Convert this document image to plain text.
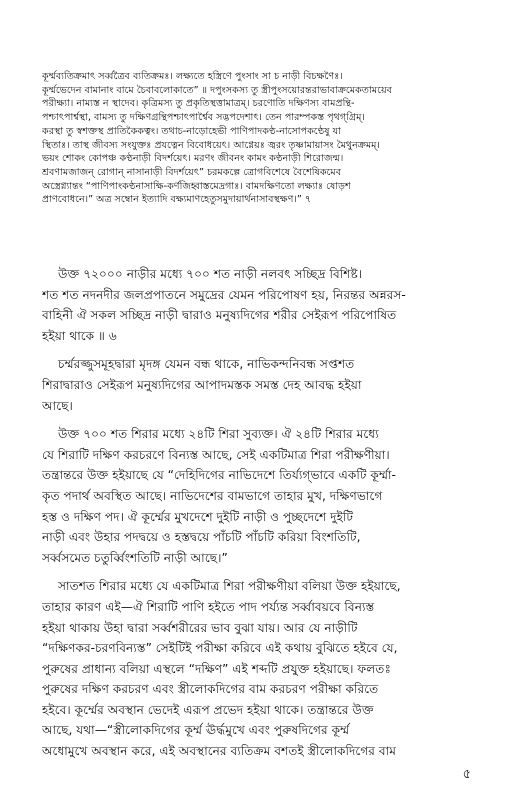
কূর্ম্মব্যতিক্রমাৎ সর্ব্বত্রৈব ব্যতিক্রমঃ। লক্ষ্যতে হস্ত্ৰিণে পুংসাং সা চ নাড়ী বিচক্ষণৈঃ।
কূর্ম্মভেদেন বামানাং বামে চৈবাবলোকাতে” ॥ দপুংসকস্য তু স্ত্রীপুংসয়োরন্তরাভাবাক্রমেকতাময়েব
পরীক্ষ্যা। নাম্যস্ত ন স্থাদেব। কৃত্রিমস্য তু প্রকৃতিস্থত্তামাত্রম্‌। চরণোতি দক্ষিণস্য বামপ্রন্থি-
পশ্চাৎপার্শ্বস্থা, বামস্য তু দক্ষিণগ্রন্থিপশ্চাৎপার্শ্বৈব সদ্ভপদেশাৎ। তেন পারম্পকস্ত পৃথগ্‌গ্রিম্‌।
করস্থা তু স্বশক্তস্থ প্রাতিকৈকত্বং। তথাচ-নাড়োহেভী পাণিপাদকণ্ঠ-নাসোপকণ্ঠেষু যা
স্থিতাঃ। তাস্থ জীবস্য সংযুক্তঃ প্রযত্নেন বিবোধয়েৎ। আগ্নেয়ঃ জ্বরং তৃষ্ণামায়াসং মৈথুনক্রমম্‌।
ভয়ং শোকং কোপঞ্চ কণ্ঠনাড়ী বিদর্শয়েৎ। মরণং জীবনং কামং কণ্ঠনাড়ী শিরোজন্ম।
শ্রবণামজাজন্‌ রোগান্‌ নাসানাড়ী বিদর্শয়েৎ” চরমকল্পে ত্রোগবিশেষে বৈশেষিকমেব
অস্ত্রেগ্ন্যান্তং “পাণিপাংকণ্ঠনাসাক্ষি-কর্ণজিহ্বাস্তমেদ্রগাঃ। বামদক্ষিণতো লক্ষ্যাঃ ষোড়শ
প্রাণবোধনে।” অত্র সম্বোন ইত্যাদি বক্ষ্যমাণহেতুসমুদায়ার্থনাসাবস্থক্ষণ।” ৭
উক্ত ৭২০০০ নাড়ীর মধ্যে ৭০০ শত নাড়ী নলবৎ সচ্ছিদ্র বিশিষ্ট।
শত শত নদনদীর জলপ্রপাতনে সমুদ্রের যেমন পরিপোষণ হয়, নিরন্তর অন্নরস-
বাহিনী ঐ সকল সচ্ছিদ্র নাড়ী দ্বারাও মনুষ্যদিগের শরীর সেইরূপ পরিপোষিত
হইয়া থাকে ॥ ৬
চর্ম্মরজ্জুসমূহদ্বারা মৃদঙ্গ যেমন বন্ধ থাকে, নাভিকন্দনিবন্ধ সপ্তশত
শিরাদ্বারাও সেইরূপ মনুষ্যদিগের আপাদমস্তক সমস্ত দেহ আবদ্ধ হইয়া
আছে।
উক্ত ৭০০ শত শিরার মধ্যে ২৪টি শিরা সুব্যক্ত। ঐ ২৪টি শিরার মধ্যে
যে শিরাটি দক্ষিণ করচরণে বিন্যস্ত আছে, সেই একটিমাত্র শিরা পরীক্ষণীয়া।
তন্ত্রান্তরে উক্ত হইয়াছে যে “দেহিদিগের নাভিদেশে তির্য্যগ্‌ভাবে একটি কূর্ম্মা-
কৃত পদার্থ অবস্থিত আছে। নাভিদেশের বামভাগে তাহার মুখ, দক্ষিণভাগে
হস্ত ও দক্ষিণ পদ। ঐ কূর্ম্মের মুখদেশে দুইটি নাড়ী ও পুচ্ছদেশে দুইটি
নাড়ী এবং উহার পদদ্বয়ে ও হস্তদ্বয়ে পাঁচটি পাঁচটি করিয়া বিংশতিটি,
সর্ব্বসমেত চতুর্ব্বিংশতিটি নাড়ী আছে।”
সাতশত শিরার মধ্যে যে একটিমাত্র শিরা পরীক্ষণীয়া বলিয়া উক্ত হইয়াছে,
তাহার কারণ এই—ঐ শিরাটি পাণি হইতে পাদ পর্য্যন্ত সর্ব্বাবয়বে বিন্যস্ত
হইয়া থাকায় উহা দ্বারা সর্ব্বশরীরের ভাব বুঝা যায়। আর যে নাড়ীটি
“দক্ষিণকর-চরণবিন্যস্ত” সেইটিই পরীক্ষা করিবে এই কথায় বুঝিতে হইবে যে,
পুরুষের প্রাধান্য বলিয়া এস্থলে “দক্ষিণ” এই শব্দটি প্রযুক্ত হইয়াছে। ফলতঃ
পুরুষের দক্ষিণ করচরণ এবং স্ত্রীলোকদিগের বাম করচরণ পরীক্ষা করিতে
হইবে। কূর্ম্মের অবস্থান ভেদেই এরূপ প্রভেদ হইয়া থাকে। তন্ত্রান্তরে উক্ত
আছে, যথা—“স্ত্রীলোকদিগের কূর্ম্ম ঊর্দ্ধমুখে এবং পুরুষদিগের কূর্ম্ম
অধোমুখে অবস্থান করে, এই অবস্থানের ব্যতিক্রম বশতই স্ত্রীলোকদিগের বাম
৫
